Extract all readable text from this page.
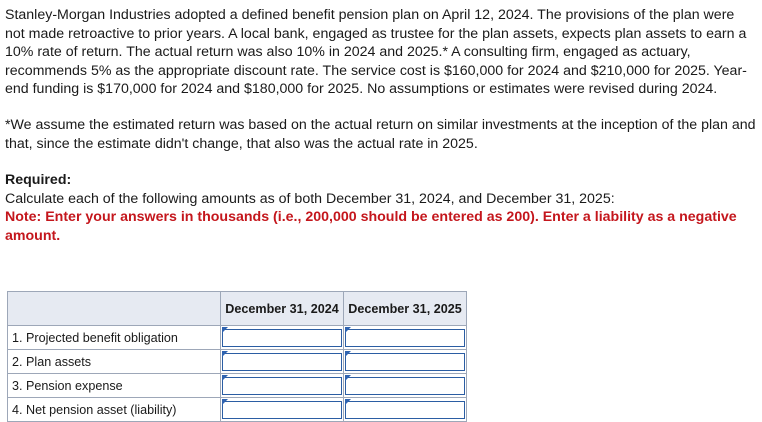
Stanley-Morgan Industries adopted a defined benefit pension plan on April 12, 2024. The provisions of the plan were not made retroactive to prior years. A local bank, engaged as trustee for the plan assets, expects plan assets to earn a 10% rate of return. The actual return was also 10% in 2024 and 2025.* A consulting firm, engaged as actuary, recommends 5% as the appropriate discount rate. The service cost is $160,000 for 2024 and $210,000 for 2025. Year-end funding is $170,000 for 2024 and $180,000 for 2025. No assumptions or estimates were revised during 2024.

*We assume the estimated return was based on the actual return on similar investments at the inception of the plan and that, since the estimate didn't change, that also was the actual rate in 2025.

Required:

Calculate each of the following amounts as of both December 31, 2024, and December 31, 2025:

Note: Enter your answers in thousands (i.e., 200,000 should be entered as 200). Enter a liability as a negative amount.

	December 31, 2024	December 31, 2025
1. Projected benefit obligation	

2. Plan assets	

3. Pension expense	

4. Net pension asset (liability)	
